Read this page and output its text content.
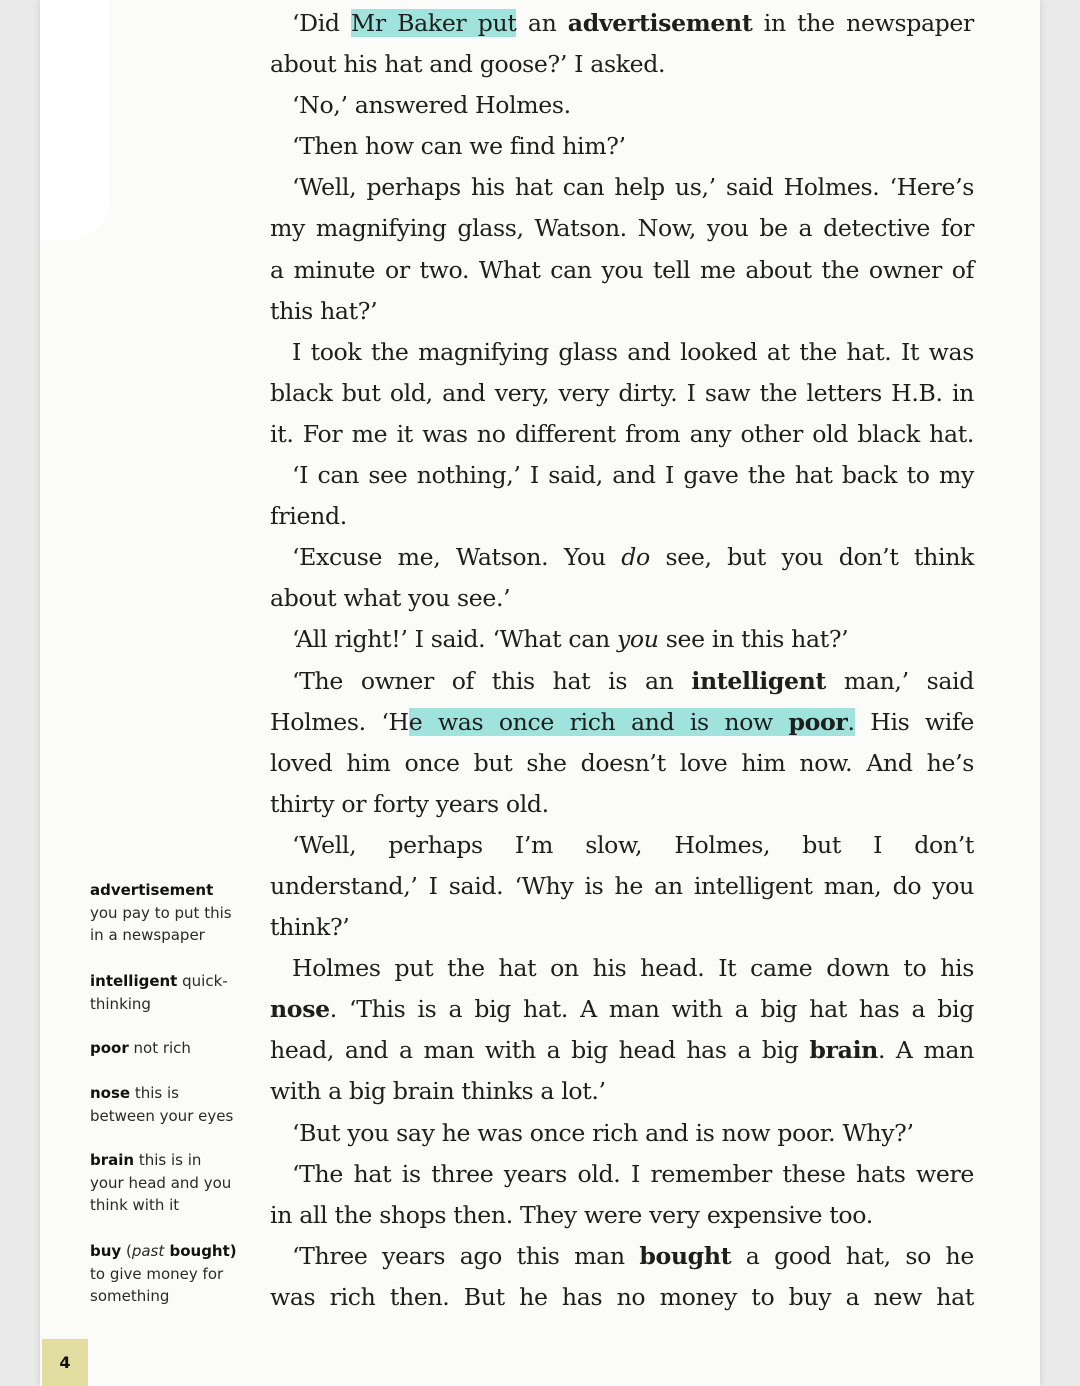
‘Did Mr Baker put an advertisement in the newspaper
about his hat and goose?’ I asked.
‘No,’ answered Holmes.
‘Then how can we find him?’
‘Well, perhaps his hat can help us,’ said Holmes. ‘Here’s
my magnifying glass, Watson. Now, you be a detective for
a minute or two. What can you tell me about the owner of
this hat?’
I took the magnifying glass and looked at the hat. It was
black but old, and very, very dirty. I saw the letters H.B. in
it. For me it was no different from any other old black hat.
‘I can see nothing,’ I said, and I gave the hat back to my
friend.
‘Excuse me, Watson. You do see, but you don’t think
about what you see.’
‘All right!’ I said. ‘What can you see in this hat?’
‘The owner of this hat is an intelligent man,’ said
Holmes. ‘He was once rich and is now poor. His wife
loved him once but she doesn’t love him now. And he’s
thirty or forty years old.
‘Well, perhaps I’m slow, Holmes, but I don’t
understand,’ I said. ‘Why is he an intelligent man, do you
think?’
Holmes put the hat on his head. It came down to his
nose. ‘This is a big hat. A man with a big hat has a big
head, and a man with a big head has a big brain. A man
with a big brain thinks a lot.’
‘But you say he was once rich and is now poor. Why?’
‘The hat is three years old. I remember these hats were
in all the shops then. They were very expensive too.
‘Three years ago this man bought a good hat, so he
was rich then. But he has no money to buy a new hat
advertisement
you pay to put this
in a newspaper
intelligent quick-
thinking
poor not rich
nose this is
between your eyes
brain this is in
your head and you
think with it
buy (past bought)
to give money for
something
4
